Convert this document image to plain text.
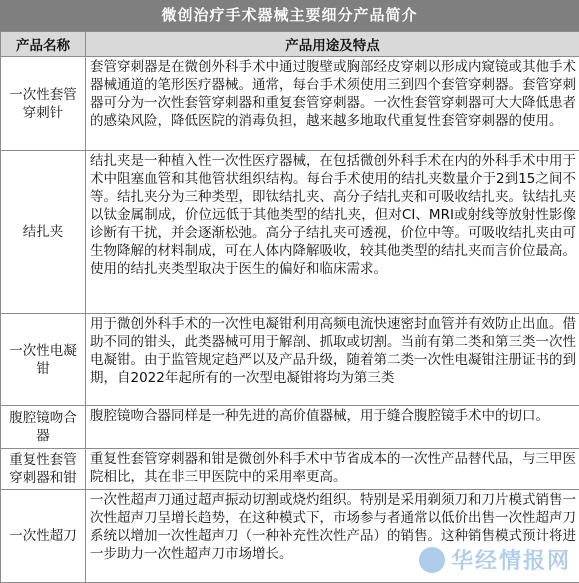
微创治疗手术器械主要细分产品简介
产品名称	产品用途及特点
一次性套管穿刺针	套管穿刺器是在微创外科手术中通过腹壁或胸部经皮穿刺以形成内窥镜或其他手术器械通道的笔形医疗器械。通常，每台手术须使用三到四个套管穿刺器。套管穿刺器可分为一次性套管穿刺器和重复套管穿刺器。一次性套管穿刺器可大大降低患者的感染风险，降低医院的消毒负担，越来越多地取代重复性套管穿刺器的使用。
结扎夹	结扎夹是一种植入性一次性医疗器械，在包括微创外科手术在内的外科手术中用于术中阻塞血管和其他管状组织结构。每台手术使用的结扎夹数量介于2到15之间不等。结扎夹分为三种类型，即钛结扎夹、高分子结扎夹和可吸收结扎夹。钛结扎夹以钛金属制成，价位远低于其他类型的结扎夹，但对CI、MRI或射线等放射性影像诊断有干扰，并会逐渐松弛。高分子结扎夹可透视，价位中等。可吸收结扎夹由可生物降解的材料制成，可在人体内降解吸收，较其他类型的结扎夹而言价位最高。使用的结扎夹类型取决于医生的偏好和临床需求。
一次性电凝钳	用于微创外科手术的一次性电凝钳利用高频电流快速密封血管并有效防止出血。借助不同的钳头，此类器械可用于解剖、抓取或切割。当前有第二类和第三类一次性电凝钳。由于监管规定趋严以及产品升级，随着第二类一次性电凝钳注册证书的到期，自2022年起所有的一次型电凝钳将均为第三类
腹腔镜吻合器	腹腔镜吻合器同样是一种先进的高价值器械，用于缝合腹腔镜手术中的切口。
重复性套管穿刺器和钳	重复性套管穿刺器和钳是微创外科手术中节省成本的一次性产品替代品，与三甲医院相比，其在非三甲医院中的采用率更高。
一次性超刀	一次性超声刀通过超声振动切割或烧灼组织。特别是采用剃须刀和刀片模式销售一次性超声刀呈增长趋势，在这种模式下，市场参与者通常以低价出售一次性超声刀系统以增加一次性超声刀（一种补充性次性产品）的销售。这种销售模式预计将进一步助力一次性超声刀市场增长。	华经情报网
